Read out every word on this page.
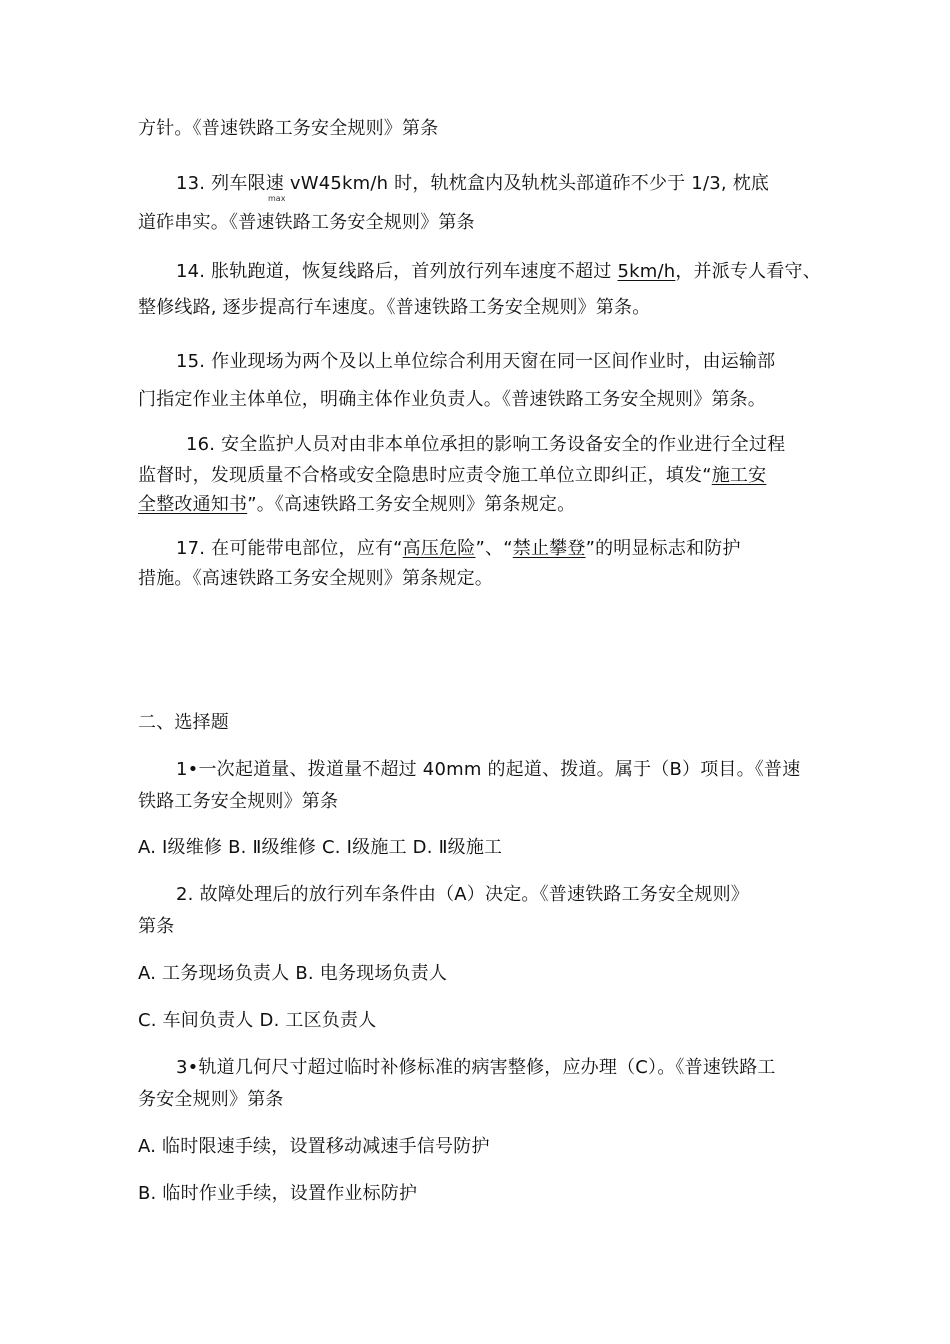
方针。《普速铁路工务安全规则》第条
13. 列车限速 vW45km/h 时，轨枕盒内及轨枕头部道砟不少于 1/3, 枕底
max
道砟串实。《普速铁路工务安全规则》第条
14. 胀轨跑道，恢复线路后，首列放行列车速度不超过 5km/h，并派专人看守、
整修线路, 逐步提高行车速度。《普速铁路工务安全规则》第条。
15. 作业现场为两个及以上单位综合利用天窗在同一区间作业时，由运输部
门指定作业主体单位，明确主体作业负责人。《普速铁路工务安全规则》第条。
16. 安全监护人员对由非本单位承担的影响工务设备安全的作业进行全过程
监督时，发现质量不合格或安全隐患时应责令施工单位立即纠正，填发“施工安
全整改通知书”。《高速铁路工务安全规则》第条规定。
17. 在可能带电部位，应有“高压危险”、“禁止攀登”的明显标志和防护
措施。《高速铁路工务安全规则》第条规定。
二、选择题
1•一次起道量、拨道量不超过 40mm 的起道、拨道。属于（B）项目。《普速
铁路工务安全规则》第条
A. Ⅰ级维修 B. Ⅱ级维修 C. Ⅰ级施工 D. Ⅱ级施工
2. 故障处理后的放行列车条件由（A）决定。《普速铁路工务安全规则》
第条
A. 工务现场负责人 B. 电务现场负责人
C. 车间负责人 D. 工区负责人
3•轨道几何尺寸超过临时补修标准的病害整修，应办理（C）。《普速铁路工
务安全规则》第条
A. 临时限速手续，设置移动减速手信号防护
B. 临时作业手续，设置作业标防护
